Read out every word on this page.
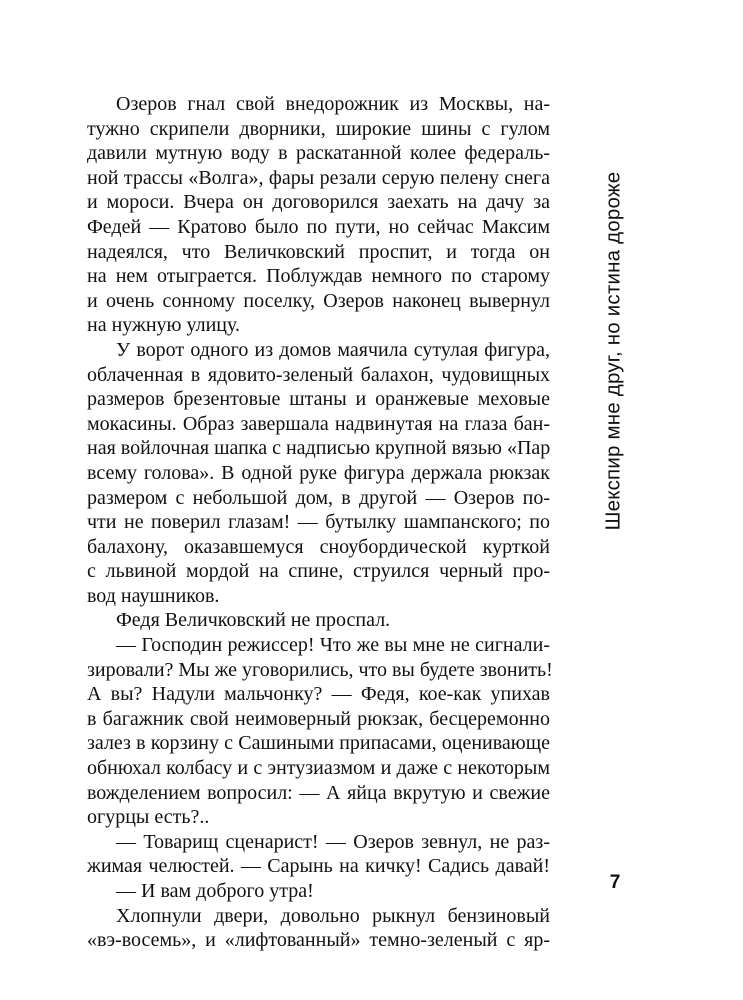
Озеров гнал свой внедорожник из Москвы, на-
тужно скрипели дворники, широкие шины с гулом
давили мутную воду в раскатанной колее федераль-
ной трассы «Волга», фары резали серую пелену снега
и мороси. Вчера он договорился заехать на дачу за
Федей — Кратово было по пути, но сейчас Максим
надеялся, что Величковский проспит, и тогда он
на нем отыграется. Поблуждав немного по старому
и очень сонному поселку, Озеров наконец вывернул
на нужную улицу.
У ворот одного из домов маячила сутулая фигура,
облаченная в ядовито-зеленый балахон, чудовищных
размеров брезентовые штаны и оранжевые меховые
мокасины. Образ завершала надвинутая на глаза бан-
ная войлочная шапка с надписью крупной вязью «Пар
всему голова». В одной руке фигура держала рюкзак
размером с небольшой дом, в другой — Озеров по-
чти не поверил глазам! — бутылку шампанского; по
балахону, оказавшемуся сноубордической курткой
с львиной мордой на спине, струился черный про-
вод наушников.
Федя Величковский не проспал.
— Господин режиссер! Что же вы мне не сигнали-
зировали? Мы же уговорились, что вы будете звонить!
А вы? Надули мальчонку? — Федя, кое-как упихав
в багажник свой неимоверный рюкзак, бесцеремонно
залез в корзину с Сашиными припасами, оценивающе
обнюхал колбасу и с энтузиазмом и даже с некоторым
вожделением вопросил: — А яйца вкрутую и свежие
огурцы есть?..
— Товарищ сценарист! — Озеров зевнул, не раз-
жимая челюстей. — Сарынь на кичку! Садись давай!
— И вам доброго утра!
Хлопнули двери, довольно рыкнул бензиновый
«вэ-восемь», и «лифтованный» темно-зеленый с яр-
Шекспир мне друг, но истина дороже
7
